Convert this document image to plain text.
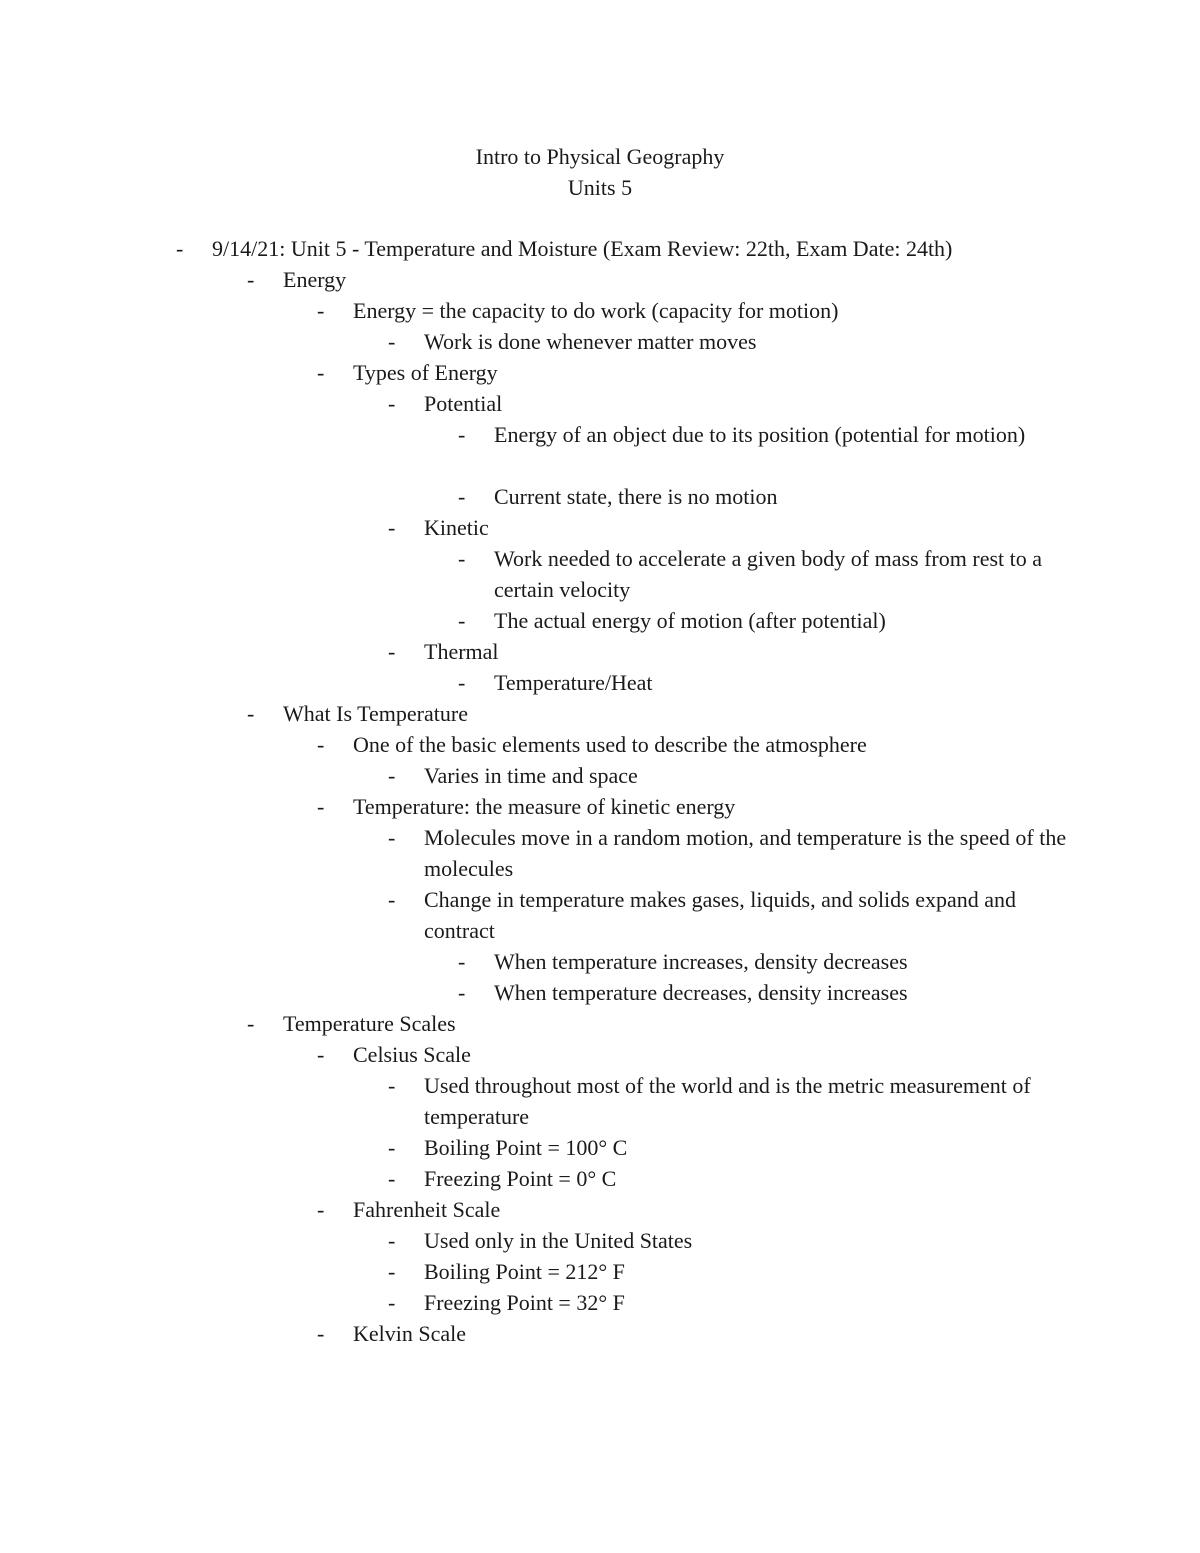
Intro to Physical Geography
Units 5
- 9/14/21: Unit 5 - Temperature and Moisture (Exam Review: 22th, Exam Date: 24th)
- Energy
- Energy = the capacity to do work (capacity for motion)
- Work is done whenever matter moves
- Types of Energy
- Potential
- Energy of an object due to its position (potential for motion)
- Current state, there is no motion
- Kinetic
- Work needed to accelerate a given body of mass from rest to a certain velocity
- The actual energy of motion (after potential)
- Thermal
- Temperature/Heat
- What Is Temperature
- One of the basic elements used to describe the atmosphere
- Varies in time and space
- Temperature: the measure of kinetic energy
- Molecules move in a random motion, and temperature is the speed of the molecules
- Change in temperature makes gases, liquids, and solids expand and contract
- When temperature increases, density decreases
- When temperature decreases, density increases
- Temperature Scales
- Celsius Scale
- Used throughout most of the world and is the metric measurement of temperature
- Boiling Point = 100° C
- Freezing Point = 0° C
- Fahrenheit Scale
- Used only in the United States
- Boiling Point = 212° F
- Freezing Point = 32° F
- Kelvin Scale
